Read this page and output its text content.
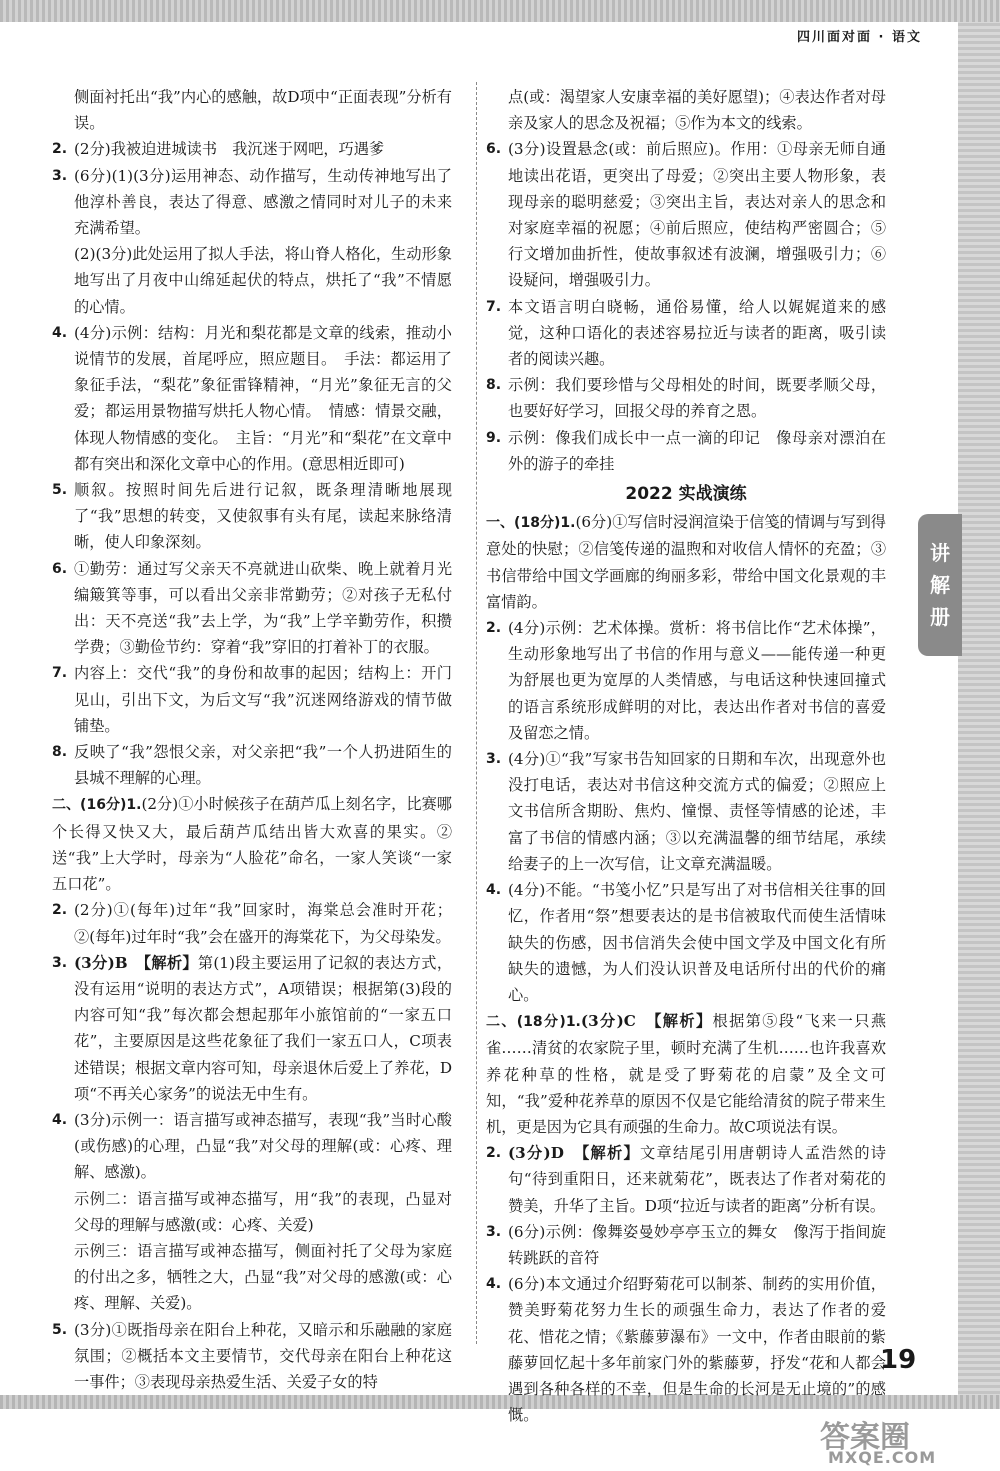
四川面对面 · 语文
侧面衬托出“我”内心的感触，故D项中“正面表现”分析有误。
2. (2分)我被迫进城读书　我沉迷于网吧，巧遇爹
3. (6分)(1)(3分)运用神态、动作描写，生动传神地写出了他淳朴善良，表达了得意、感激之情同时对儿子的未来充满希望。
(2)(3分)此处运用了拟人手法，将山脊人格化，生动形象地写出了月夜中山绵延起伏的特点，烘托了“我”不情愿的心情。
4. (4分)示例：结构：月光和梨花都是文章的线索，推动小说情节的发展，首尾呼应，照应题目。　手法：都运用了象征手法，“梨花”象征雷锋精神，“月光”象征无言的父爱；都运用景物描写烘托人物心情。　情感：情景交融，体现人物情感的变化。　主旨：“月光”和“梨花”在文章中都有突出和深化文章中心的作用。(意思相近即可)
5. 顺叙。按照时间先后进行记叙，既条理清晰地展现了“我”思想的转变，又使叙事有头有尾，读起来脉络清晰，使人印象深刻。
6. ①勤劳：通过写父亲天不亮就进山砍柴、晚上就着月光编簸箕等事，可以看出父亲非常勤劳；②对孩子无私付出：天不亮送“我”去上学，为“我”上学辛勤劳作，积攒学费；③勤俭节约：穿着“我”穿旧的打着补丁的衣服。
7. 内容上：交代“我”的身份和故事的起因；结构上：开门见山，引出下文，为后文写“我”沉迷网络游戏的情节做铺垫。
8. 反映了“我”怨恨父亲，对父亲把“我”一个人扔进陌生的县城不理解的心理。
二、(16分)1.(2分)①小时候孩子在葫芦瓜上刻名字，比赛哪个长得又快又大，最后葫芦瓜结出皆大欢喜的果实。②送“我”上大学时，母亲为“人脸花”命名，一家人笑谈“一家五口花”。
2. (2分)①(每年)过年“我”回家时，海棠总会准时开花；②(每年)过年时“我”会在盛开的海棠花下，为父母染发。
3. (3分)B　【解析】第(1)段主要运用了记叙的表达方式，没有运用“说明的表达方式”，A项错误；根据第(3)段的内容可知“我”每次都会想起那年小旅馆前的“一家五口花”，主要原因是这些花象征了我们一家五口人，C项表述错误；根据文章内容可知，母亲退休后爱上了养花，D项“不再关心家务”的说法无中生有。
4. (3分)示例一：语言描写或神态描写，表现“我”当时心酸(或伤感)的心理，凸显“我”对父母的理解(或：心疼、理解、感激)。
示例二：语言描写或神态描写，用“我”的表现，凸显对父母的理解与感激(或：心疼、关爱)
示例三：语言描写或神态描写，侧面衬托了父母为家庭的付出之多，牺牲之大，凸显“我”对父母的感激(或：心疼、理解、关爱)。
5. (3分)①既指母亲在阳台上种花，又暗示和乐融融的家庭氛围；②概括本文主要情节，交代母亲在阳台上种花这一事件；③表现母亲热爱生活、关爱子女的特
点(或：渴望家人安康幸福的美好愿望)；④表达作者对母亲及家人的思念及祝福；⑤作为本文的线索。
6. (3分)设置悬念(或：前后照应)。作用：①母亲无师自通地读出花语，更突出了母爱；②突出主要人物形象，表现母亲的聪明慈爱；③突出主旨，表达对亲人的思念和对家庭幸福的祝愿；④前后照应，使结构严密圆合；⑤行文增加曲折性，使故事叙述有波澜，增强吸引力；⑥设疑问，增强吸引力。
7. 本文语言明白晓畅，通俗易懂，给人以娓娓道来的感觉，这种口语化的表述容易拉近与读者的距离，吸引读者的阅读兴趣。
8. 示例：我们要珍惜与父母相处的时间，既要孝顺父母，也要好好学习，回报父母的养育之恩。
9. 示例：像我们成长中一点一滴的印记　像母亲对漂泊在外的游子的牵挂
2022 实战演练
一、(18分)1.(6分)①写信时浸润渲染于信笺的情调与写到得意处的快慰；②信笺传递的温煦和对收信人情怀的充盈；③书信带给中国文学画廊的绚丽多彩，带给中国文化景观的丰富情韵。
2. (4分)示例：艺术体操。赏析：将书信比作“艺术体操”，生动形象地写出了书信的作用与意义——能传递一种更为舒展也更为宽厚的人类情感，与电话这种快速回撞式的语言系统形成鲜明的对比，表达出作者对书信的喜爱及留恋之情。
3. (4分)①“我”写家书告知回家的日期和车次，出现意外也没打电话，表达对书信这种交流方式的偏爱；②照应上文书信所含期盼、焦灼、憧憬、责怪等情感的论述，丰富了书信的情感内涵；③以充满温馨的细节结尾，承续给妻子的上一次写信，让文章充满温暖。
4. (4分)不能。“书笺小忆”只是写出了对书信相关往事的回忆，作者用“祭”想要表达的是书信被取代而使生活情味缺失的伤感，因书信消失会使中国文学及中国文化有所缺失的遗憾，为人们没认识普及电话所付出的代价的痛心。
二、(18分)1.(3分)C　【解析】根据第⑤段“飞来一只燕雀……清贫的农家院子里，顿时充满了生机……也许我喜欢养花种草的性格，就是受了野菊花的启蒙”及全文可知，“我”爱种花养草的原因不仅是它能给清贫的院子带来生机，更是因为它具有顽强的生命力。故C项说法有误。
2. (3分)D　【解析】文章结尾引用唐朝诗人孟浩然的诗句“待到重阳日，还来就菊花”，既表达了作者对菊花的赞美，升华了主旨。D项“拉近与读者的距离”分析有误。
3. (6分)示例：像舞姿曼妙亭亭玉立的舞女　像泻于指间旋转跳跃的音符
4. (6分)本文通过介绍野菊花可以制茶、制药的实用价值，赞美野菊花努力生长的顽强生命力，表达了作者的爱花、惜花之情；《紫藤萝瀑布》一文中，作者由眼前的紫藤萝回忆起十多年前家门外的紫藤萝，抒发“花和人都会遇到各种各样的不幸，但是生命的长河是无止境的”的感慨。
讲
解
册
19
答案圈
MXQE.COM
